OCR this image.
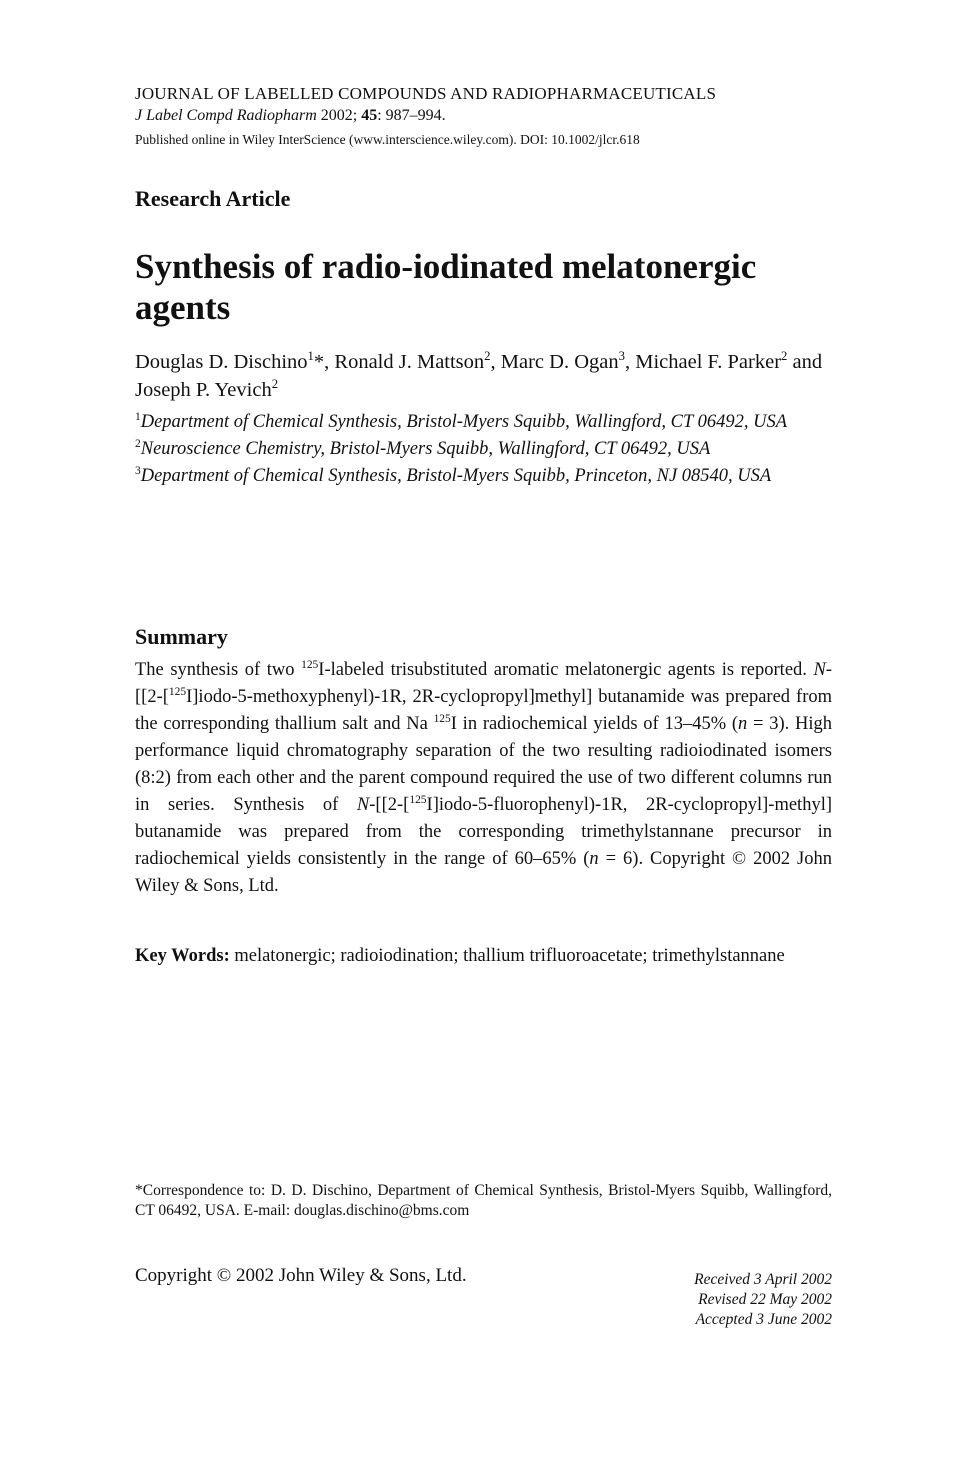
JOURNAL OF LABELLED COMPOUNDS AND RADIOPHARMACEUTICALS
J Label Compd Radiopharm 2002; 45: 987–994.
Published online in Wiley InterScience (www.interscience.wiley.com). DOI: 10.1002/jlcr.618
Research Article
Synthesis of radio-iodinated melatonergic agents
Douglas D. Dischino$^1$*, Ronald J. Mattson$^2$, Marc D. Ogan$^3$, Michael F. Parker$^2$ and Joseph P. Yevich$^2$
$^1$Department of Chemical Synthesis, Bristol-Myers Squibb, Wallingford, CT 06492, USA
$^2$Neuroscience Chemistry, Bristol-Myers Squibb, Wallingford, CT 06492, USA
$^3$Department of Chemical Synthesis, Bristol-Myers Squibb, Princeton, NJ 08540, USA
Summary
The synthesis of two $^{125}$I-labeled trisubstituted aromatic melatonergic agents is reported. N-[[2-[$^{125}$I]iodo-5-methoxyphenyl)-1R, 2R-cyclopropyl]methyl] butanamide was prepared from the corresponding thallium salt and Na $^{125}$I in radiochemical yields of 13–45% (n = 3). High performance liquid chromatography separation of the two resulting radioiodinated isomers (8:2) from each other and the parent compound required the use of two different columns run in series. Synthesis of N-[[2-[$^{125}$I]iodo-5-fluorophenyl)-1R, 2R-cyclopropyl]-methyl] butanamide was prepared from the corresponding trimethylstannane precursor in radiochemical yields consistently in the range of 60–65% (n = 6). Copyright © 2002 John Wiley & Sons, Ltd.
Key Words: melatonergic; radioiodination; thallium trifluoroacetate; trimethylstannane
*Correspondence to: D. D. Dischino, Department of Chemical Synthesis, Bristol-Myers Squibb, Wallingford, CT 06492, USA. E-mail: douglas.dischino@bms.com
Copyright © 2002 John Wiley & Sons, Ltd.	Received 3 April 2002
Revised 22 May 2002
Accepted 3 June 2002
